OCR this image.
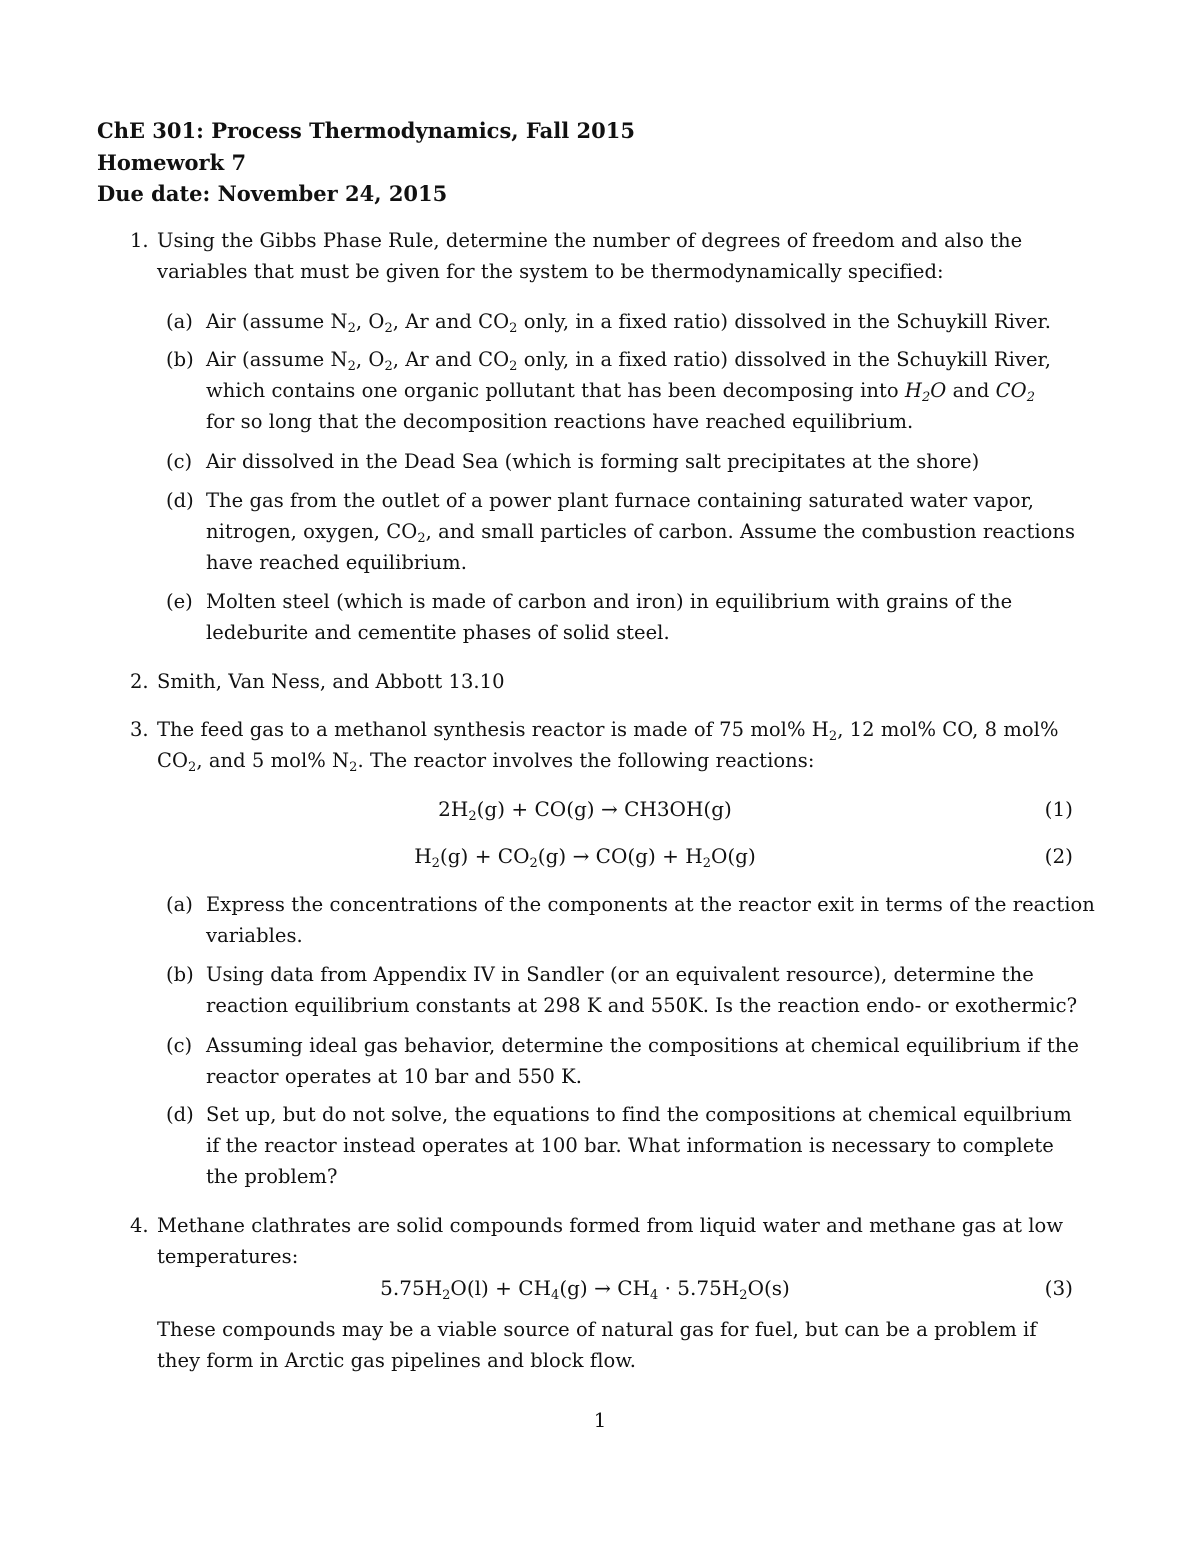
ChE 301: Process Thermodynamics, Fall 2015
Homework 7
Due date: November 24, 2015
1. Using the Gibbs Phase Rule, determine the number of degrees of freedom and also the
variables that must be given for the system to be thermodynamically specified:
(a) Air (assume $N_2$, $O_2$, Ar and $CO_2$ only, in a fixed ratio) dissolved in the Schuykill River.
(b) Air (assume $N_2$, $O_2$, Ar and $CO_2$ only, in a fixed ratio) dissolved in the Schuykill River,
which contains one organic pollutant that has been decomposing into $H_2O$ and $CO_2$
for so long that the decomposition reactions have reached equilibrium.
(c) Air dissolved in the Dead Sea (which is forming salt precipitates at the shore)
(d) The gas from the outlet of a power plant furnace containing saturated water vapor,
nitrogen, oxygen, $CO_2$, and small particles of carbon. Assume the combustion reactions
have reached equilibrium.
(e) Molten steel (which is made of carbon and iron) in equilibrium with grains of the
ledeburite and cementite phases of solid steel.
2. Smith, Van Ness, and Abbott 13.10
3. The feed gas to a methanol synthesis reactor is made of 75 mol% $H_2$, 12 mol% CO, 8 mol%
$CO_2$, and 5 mol% $N_2$. The reactor involves the following reactions:
$2H_2(g) + CO(g) \to CH3OH(g)$	(1)
$H_2(g) + CO_2(g) \to CO(g) + H_2O(g)$	(2)
(a) Express the concentrations of the components at the reactor exit in terms of the reaction
variables.
(b) Using data from Appendix IV in Sandler (or an equivalent resource), determine the
reaction equilibrium constants at 298 K and 550K. Is the reaction endo- or exothermic?
(c) Assuming ideal gas behavior, determine the compositions at chemical equilibrium if the
reactor operates at 10 bar and 550 K.
(d) Set up, but do not solve, the equations to find the compositions at chemical equilbrium
if the reactor instead operates at 100 bar. What information is necessary to complete
the problem?
4. Methane clathrates are solid compounds formed from liquid water and methane gas at low
temperatures:
$5.75H_2O(l) + CH_4(g) \to CH_4 \cdot 5.75H_2O(s)$	(3)
These compounds may be a viable source of natural gas for fuel, but can be a problem if
they form in Arctic gas pipelines and block flow.
1
